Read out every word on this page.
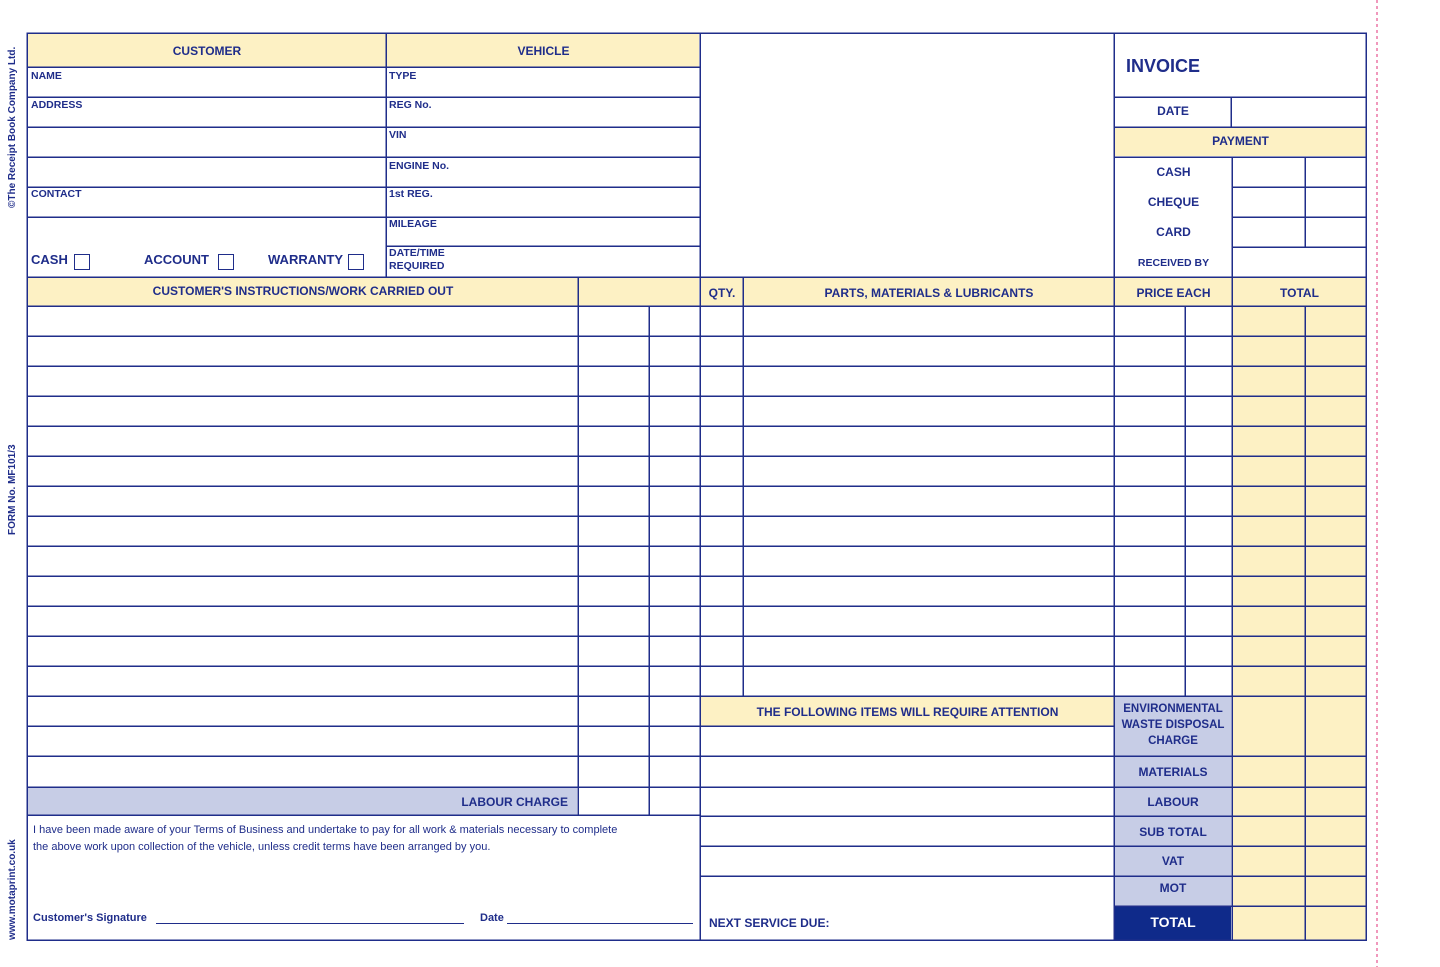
©The Receipt Book Company Ltd.
FORM No. MF101/3
www.motaprint.co.uk
CUSTOMER	VEHICLE
NAME
ADDRESS
CONTACT
CASH	ACCOUNT	WARRANTY
TYPE
REG No.
VIN
ENGINE No.
1st REG.
MILEAGE
DATE/TIME
REQUIRED
INVOICE
DATE
PAYMENT
CASH
CHEQUE
CARD
RECEIVED BY
CUSTOMER'S INSTRUCTIONS/WORK CARRIED OUT	QTY.	PARTS, MATERIALS & LUBRICANTS	PRICE EACH	TOTAL
THE FOLLOWING ITEMS WILL REQUIRE ATTENTION
NEXT SERVICE DUE:
ENVIRONMENTAL
WASTE DISPOSAL
CHARGE
MATERIALS
LABOUR
SUB TOTAL
VAT
MOT
TOTAL
LABOUR CHARGE
I have been made aware of your Terms of Business and undertake to pay for all work & materials necessary to complete
the above work upon collection of the vehicle, unless credit terms have been arranged by you.
Customer's Signature	Date
